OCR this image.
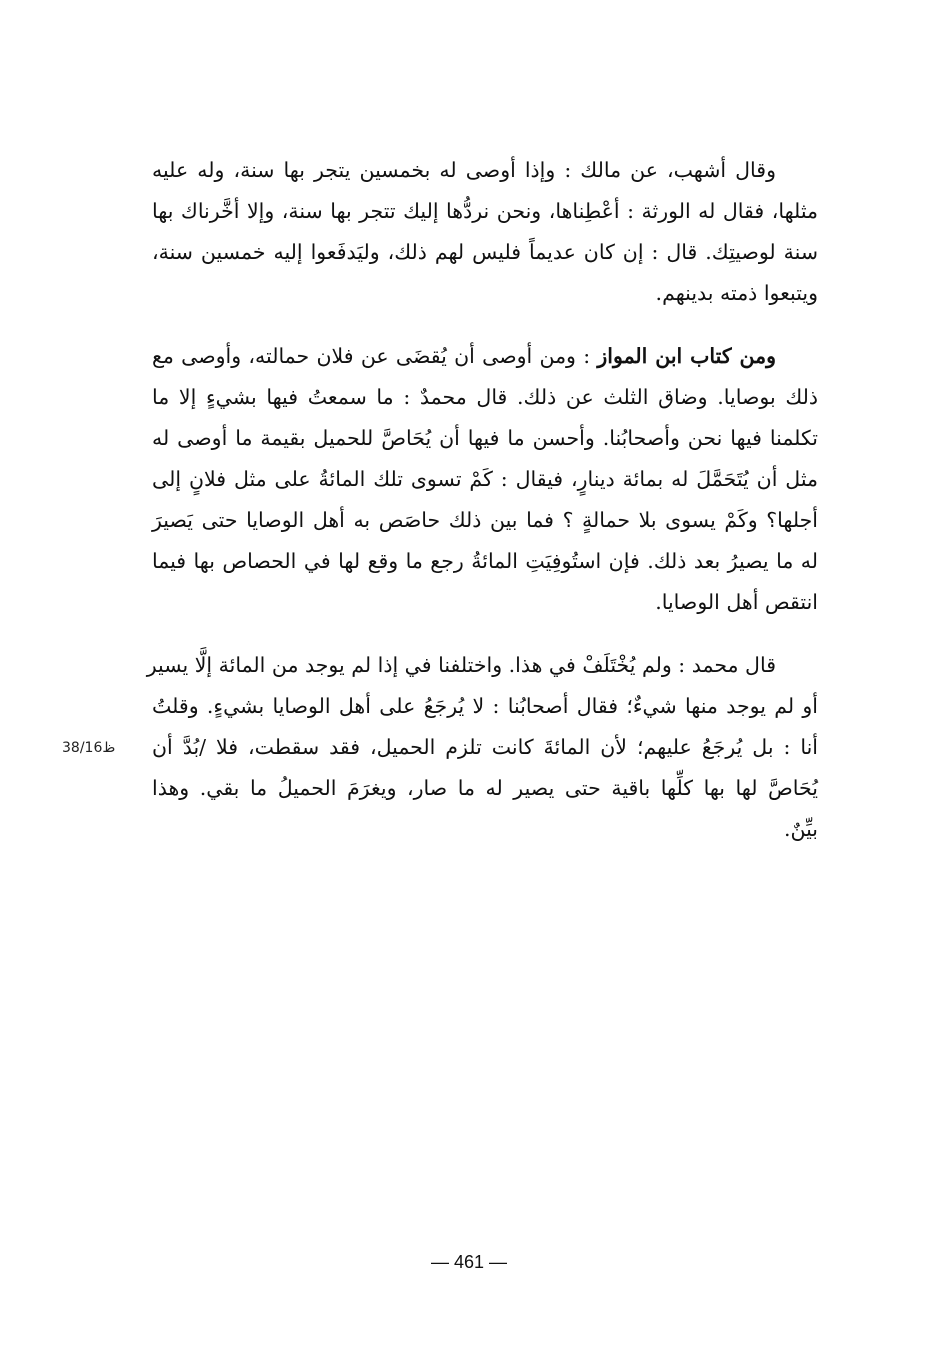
وقال أشهب، عن مالك : وإذا أوصى له بخمسين يتجر بها سنة، وله عليه
مثلها، فقال له الورثة : أعْطِناها، ونحن نردُّها إليك تتجر بها سنة، وإلا أخَّرناك بها
سنة لوصيتِك. قال : إن كان عديماً فليس لهم ذلك، وليَدفَعوا إليه خمسين سنة،
ويتبعوا ذمته بدينهم.

ومن كتاب ابن المواز : ومن أوصى أن يُقضَى عن فلان حمالته، وأوصى مع
ذلك بوصايا. وضاق الثلث عن ذلك. قال محمدٌ : ما سمعتُ فيها بشيءٍ إلا ما
تكلمنا فيها نحن وأصحابُنا. وأحسن ما فيها أن يُحَاصَّ للحميل بقيمة ما أوصى له
مثل أن يُتَحَمَّلَ له بمائة دينارٍ، فيقال : كَمْ تسوى تلك المائةُ على مثل فلانٍ إلى
أجلها؟ وكَمْ يسوى بلا حمالةٍ ؟ فما بين ذلك حاصَص به أهل الوصايا حتى يَصيرَ
له ما يصيرُ بعد ذلك. فإن استُوفِيَتِ المائةُ رجع ما وقع لها في الحصاص بها فيما
انتقص أهل الوصايا.

قال محمد : ولم يُخْتَلَفْ في هذا. واختلفنا في إذا لم يوجد من المائة إلَّا يسير
أو لم يوجد منها شيءٌ؛ فقال أصحابُنا : لا يُرجَعُ على أهل الوصايا بشيءٍ. وقلتُ
أنا : بل يُرجَعُ عليهم؛ لأن المائةَ كانت تلزم الحميل، فقد سقطت، فلا /بُدَّ أن
يُحَاصَّ لها بها كلِّها باقية حتى يصير له ما صار، ويغرَمَ الحميلُ ما بقي. وهذا
بيِّنٌ.

ظ38/16
— 461 —
